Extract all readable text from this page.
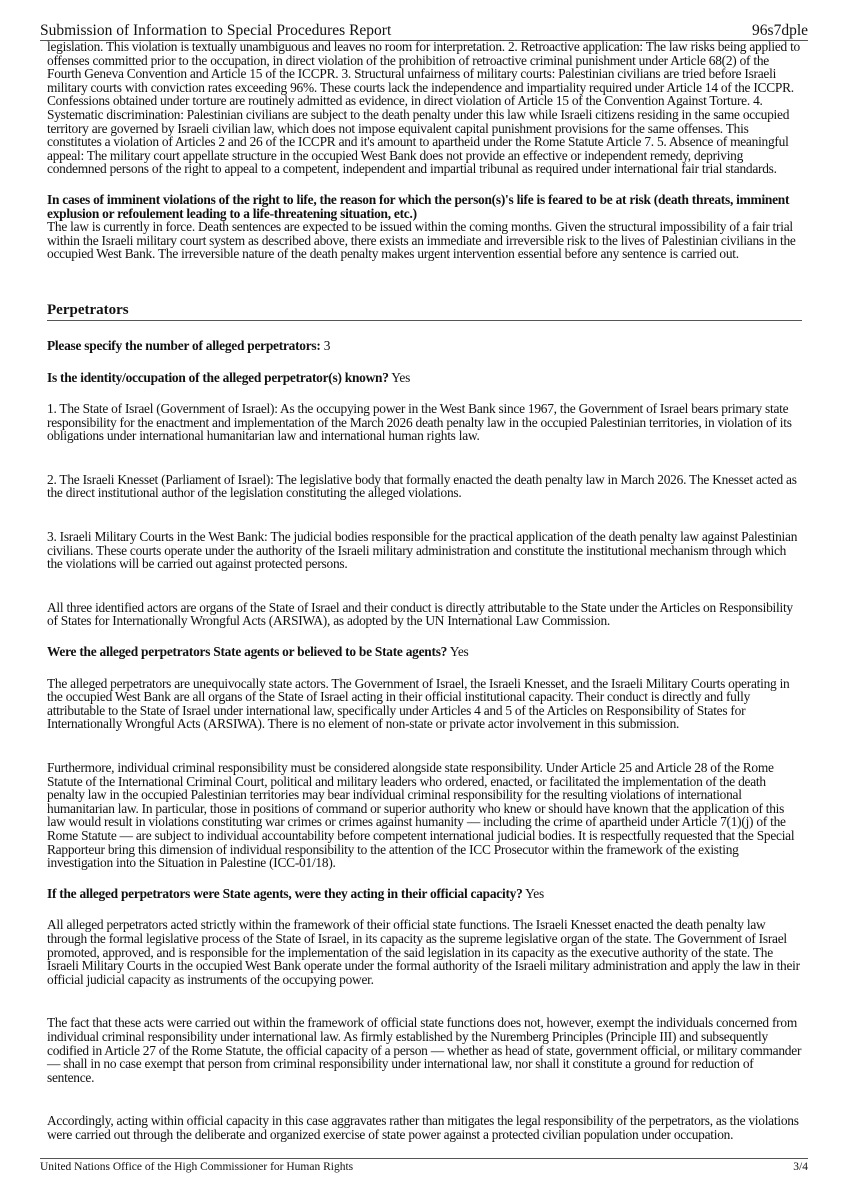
Submission of Information to Special Procedures Report	96s7dple

legislation. This violation is textually unambiguous and leaves no room for interpretation. 2. Retroactive application: The law risks being applied to offenses committed prior to the occupation, in direct violation of the prohibition of retroactive criminal punishment under Article 68(2) of the Fourth Geneva Convention and Article 15 of the ICCPR. 3. Structural unfairness of military courts: Palestinian civilians are tried before Israeli military courts with conviction rates exceeding 96%. These courts lack the independence and impartiality required under Article 14 of the ICCPR. Confessions obtained under torture are routinely admitted as evidence, in direct violation of Article 15 of the Convention Against Torture. 4. Systematic discrimination: Palestinian civilians are subject to the death penalty under this law while Israeli citizens residing in the same occupied territory are governed by Israeli civilian law, which does not impose equivalent capital punishment provisions for the same offenses. This constitutes a violation of Articles 2 and 26 of the ICCPR and it's amount to apartheid under the Rome Statute Article 7. 5. Absence of meaningful appeal: The military court appellate structure in the occupied West Bank does not provide an effective or independent remedy, depriving condemned persons of the right to appeal to a competent, independent and impartial tribunal as required under international fair trial standards.

In cases of imminent violations of the right to life, the reason for which the person(s)'s life is feared to be at risk (death threats, imminent explusion or refoulement leading to a life-threatening situation, etc.)

The law is currently in force. Death sentences are expected to be issued within the coming months. Given the structural impossibility of a fair trial within the Israeli military court system as described above, there exists an immediate and irreversible risk to the lives of Palestinian civilians in the occupied West Bank. The irreversible nature of the death penalty makes urgent intervention essential before any sentence is carried out.

Perpetrators

Please specify the number of alleged perpetrators: 3

Is the identity/occupation of the alleged perpetrator(s) known? Yes

1. The State of Israel (Government of Israel): As the occupying power in the West Bank since 1967, the Government of Israel bears primary state responsibility for the enactment and implementation of the March 2026 death penalty law in the occupied Palestinian territories, in violation of its obligations under international humanitarian law and international human rights law.

2. The Israeli Knesset (Parliament of Israel): The legislative body that formally enacted the death penalty law in March 2026. The Knesset acted as the direct institutional author of the legislation constituting the alleged violations.

3. Israeli Military Courts in the West Bank: The judicial bodies responsible for the practical application of the death penalty law against Palestinian civilians. These courts operate under the authority of the Israeli military administration and constitute the institutional mechanism through which the violations will be carried out against protected persons.

All three identified actors are organs of the State of Israel and their conduct is directly attributable to the State under the Articles on Responsibility of States for Internationally Wrongful Acts (ARSIWA), as adopted by the UN International Law Commission.

Were the alleged perpetrators State agents or believed to be State agents? Yes

The alleged perpetrators are unequivocally state actors. The Government of Israel, the Israeli Knesset, and the Israeli Military Courts operating in the occupied West Bank are all organs of the State of Israel acting in their official institutional capacity. Their conduct is directly and fully attributable to the State of Israel under international law, specifically under Articles 4 and 5 of the Articles on Responsibility of States for Internationally Wrongful Acts (ARSIWA). There is no element of non-state or private actor involvement in this submission.

Furthermore, individual criminal responsibility must be considered alongside state responsibility. Under Article 25 and Article 28 of the Rome Statute of the International Criminal Court, political and military leaders who ordered, enacted, or facilitated the implementation of the death penalty law in the occupied Palestinian territories may bear individual criminal responsibility for the resulting violations of international humanitarian law. In particular, those in positions of command or superior authority who knew or should have known that the application of this law would result in violations constituting war crimes or crimes against humanity — including the crime of apartheid under Article 7(1)(j) of the Rome Statute — are subject to individual accountability before competent international judicial bodies. It is respectfully requested that the Special Rapporteur bring this dimension of individual responsibility to the attention of the ICC Prosecutor within the framework of the existing investigation into the Situation in Palestine (ICC-01/18).

If the alleged perpetrators were State agents, were they acting in their official capacity? Yes

All alleged perpetrators acted strictly within the framework of their official state functions. The Israeli Knesset enacted the death penalty law through the formal legislative process of the State of Israel, in its capacity as the supreme legislative organ of the state. The Government of Israel promoted, approved, and is responsible for the implementation of the said legislation in its capacity as the executive authority of the state. The Israeli Military Courts in the occupied West Bank operate under the formal authority of the Israeli military administration and apply the law in their official judicial capacity as instruments of the occupying power.

The fact that these acts were carried out within the framework of official state functions does not, however, exempt the individuals concerned from individual criminal responsibility under international law. As firmly established by the Nuremberg Principles (Principle III) and subsequently codified in Article 27 of the Rome Statute, the official capacity of a person — whether as head of state, government official, or military commander — shall in no case exempt that person from criminal responsibility under international law, nor shall it constitute a ground for reduction of sentence.

Accordingly, acting within official capacity in this case aggravates rather than mitigates the legal responsibility of the perpetrators, as the violations were carried out through the deliberate and organized exercise of state power against a protected civilian population under occupation.

United Nations Office of the High Commissioner for Human Rights	3/4
